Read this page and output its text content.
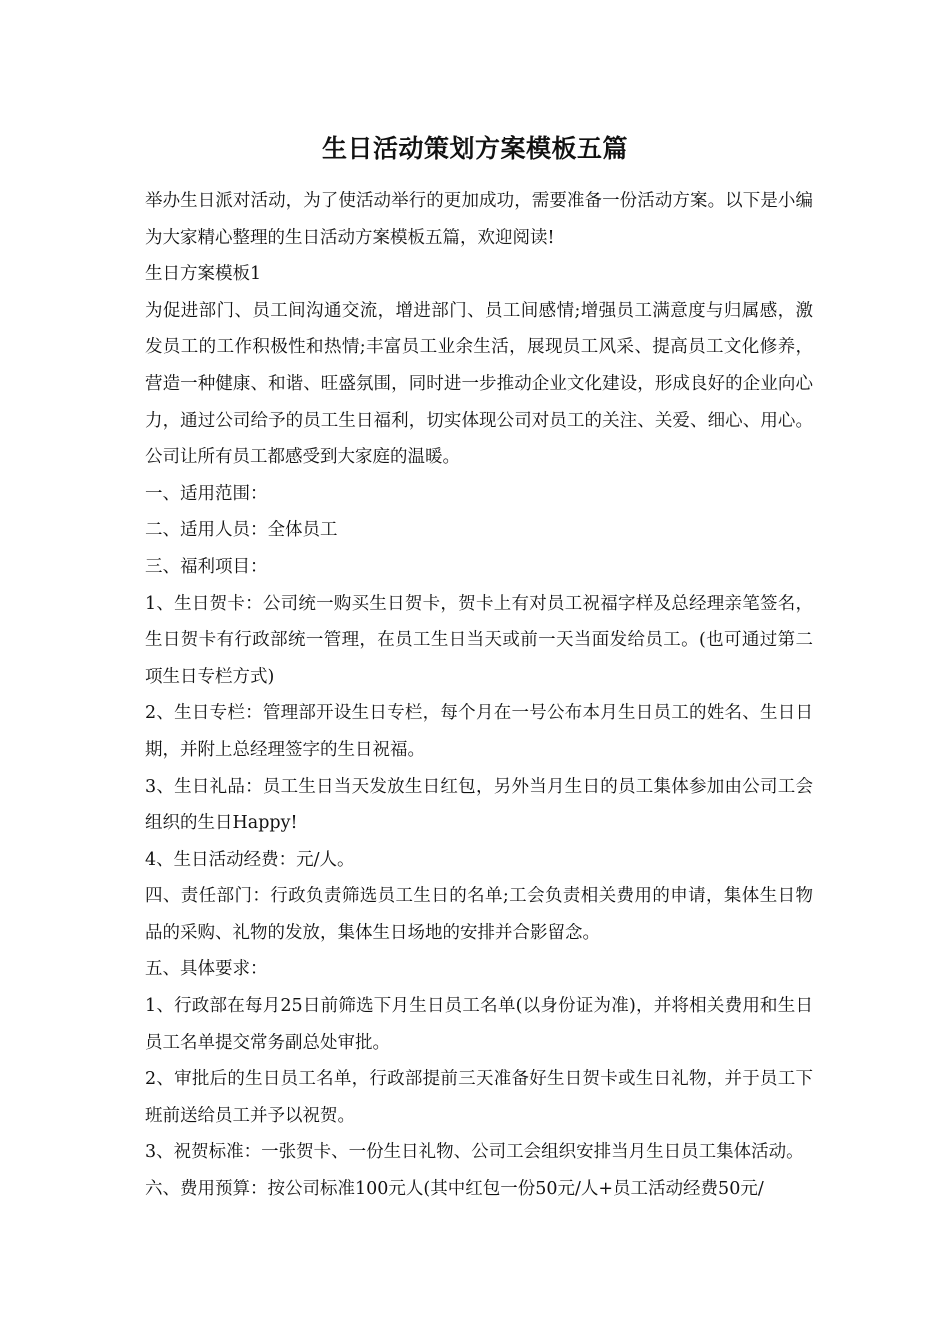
生日活动策划方案模板五篇

举办生日派对活动，为了使活动举行的更加成功，需要准备一份活动方案。以下是小编为大家精心整理的生日活动方案模板五篇，欢迎阅读!

生日方案模板1

为促进部门、员工间沟通交流，增进部门、员工间感情;增强员工满意度与归属感，激发员工的工作积极性和热情;丰富员工业余生活，展现员工风采、提高员工文化修养，营造一种健康、和谐、旺盛氛围，同时进一步推动企业文化建设，形成良好的企业向心力，通过公司给予的员工生日福利，切实体现公司对员工的关注、关爱、细心、用心。公司让所有员工都感受到大家庭的温暖。

一、适用范围：

二、适用人员：全体员工

三、福利项目：

1、生日贺卡：公司统一购买生日贺卡，贺卡上有对员工祝福字样及总经理亲笔签名，生日贺卡有行政部统一管理，在员工生日当天或前一天当面发给员工。(也可通过第二项生日专栏方式)

2、生日专栏：管理部开设生日专栏，每个月在一号公布本月生日员工的姓名、生日日期，并附上总经理签字的生日祝福。

3、生日礼品：员工生日当天发放生日红包，另外当月生日的员工集体参加由公司工会组织的生日Happy!

4、生日活动经费：元/人。

四、责任部门：行政负责筛选员工生日的名单;工会负责相关费用的申请，集体生日物品的采购、礼物的发放，集体生日场地的安排并合影留念。

五、具体要求：

1、行政部在每月25日前筛选下月生日员工名单(以身份证为准)，并将相关费用和生日员工名单提交常务副总处审批。

2、审批后的生日员工名单，行政部提前三天准备好生日贺卡或生日礼物，并于员工下班前送给员工并予以祝贺。

3、祝贺标准：一张贺卡、一份生日礼物、公司工会组织安排当月生日员工集体活动。

六、费用预算：按公司标准100元人(其中红包一份50元/人+员工活动经费50元/
